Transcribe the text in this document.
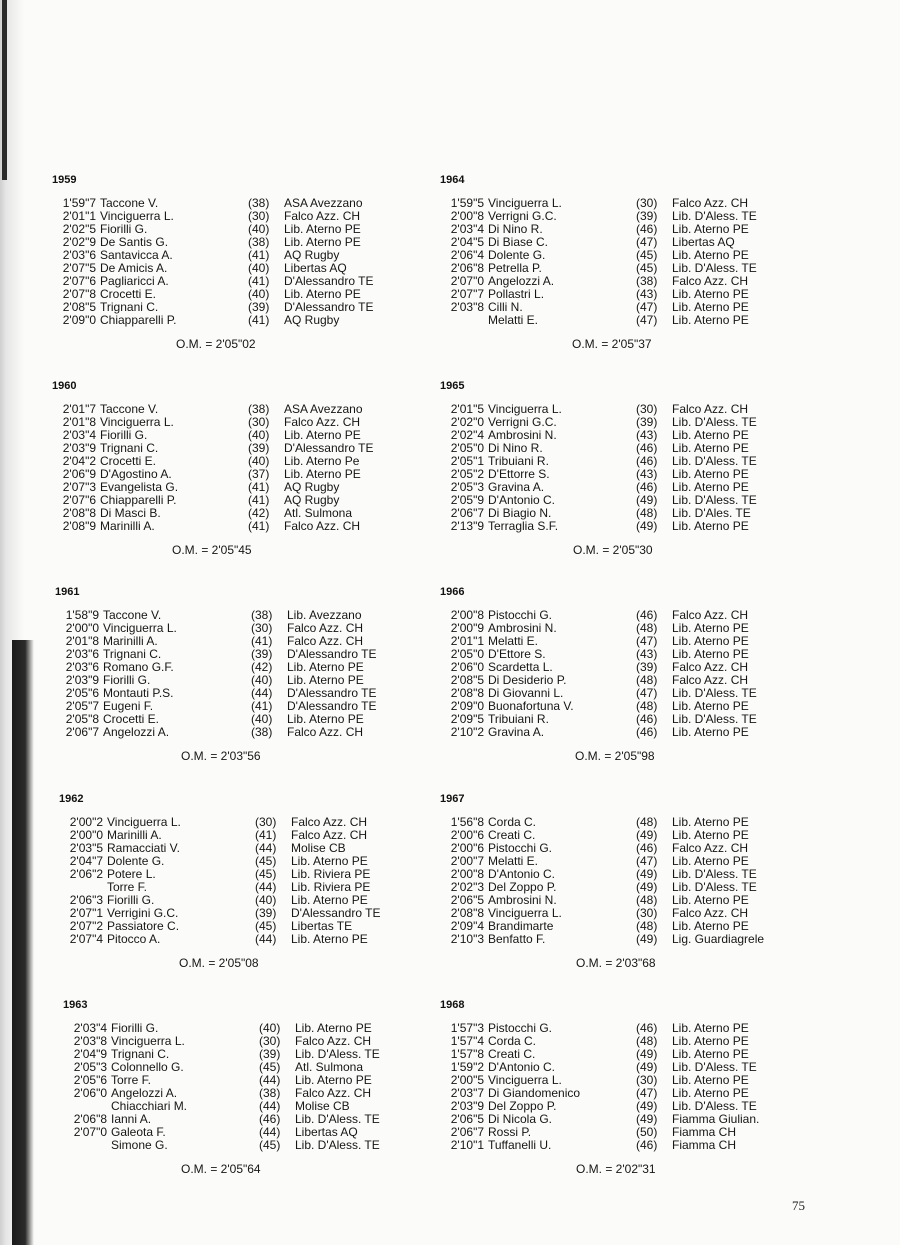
1959
1'59"7 Taccone V.	(38) ASA Avezzano
2'01"1 Vinciguerra L.	(30) Falco Azz. CH
2'02"5 Fiorilli G.	(40) Lib. Aterno PE
2'02"9 De Santis G.	(38) Lib. Aterno PE
2'03"6 Santavicca A.	(41) AQ Rugby
2'07"5 De Amicis A.	(40) Libertas AQ
2'07"6 Pagliaricci A.	(41) D'Alessandro TE
2'07"8 Crocetti E.	(40) Lib. Aterno PE
2'08"5 Trignani C.	(39) D'Alessandro TE
2'09"0 Chiapparelli P.	(41) AQ Rugby
O.M. = 2'05"02
1964
1'59"5 Vinciguerra L.	(30) Falco Azz. CH
2'00"8 Verrigni G.C.	(39) Lib. D'Aless. TE
2'03"4 Di Nino R.	(46) Lib. Aterno PE
2'04"5 Di Biase C.	(47) Libertas AQ
2'06"4 Dolente G.	(45) Lib. Aterno PE
2'06"8 Petrella P.	(45) Lib. D'Aless. TE
2'07"0 Angelozzi A.	(38) Falco Azz. CH
2'07"7 Pollastri L.	(43) Lib. Aterno PE
2'03"8 Cilli N.	(47) Lib. Aterno PE
Melatti E.	(47) Lib. Aterno PE
O.M. = 2'05"37
1960
2'01"7 Taccone V.	(38) ASA Avezzano
2'01"8 Vinciguerra L.	(30) Falco Azz. CH
2'03"4 Fiorilli G.	(40) Lib. Aterno PE
2'03"9 Trignani C.	(39) D'Alessandro TE
2'04"2 Crocetti E.	(40) Lib. Aterno Pe
2'06"9 D'Agostino A.	(37) Lib. Aterno PE
2'07"3 Evangelista G.	(41) AQ Rugby
2'07"6 Chiapparelli P.	(41) AQ Rugby
2'08"8 Di Masci B.	(42) Atl. Sulmona
2'08"9 Marinilli A.	(41) Falco Azz. CH
O.M. = 2'05"45
1965
2'01"5 Vinciguerra L.	(30) Falco Azz. CH
2'02"0 Verrigni G.C.	(39) Lib. D'Aless. TE
2'02"4 Ambrosini N.	(43) Lib. Aterno PE
2'05"0 Di Nino R.	(46) Lib. Aterno PE
2'05"1 Tribuiani R.	(46) Lib. D'Aless. TE
2'05"2 D'Ettorre S.	(43) Lib. Aterno PE
2'05"3 Gravina A.	(46) Lib. Aterno PE
2'05"9 D'Antonio C.	(49) Lib. D'Aless. TE
2'06"7 Di Biagio N.	(48) Lib. D'Ales. TE
2'13"9 Terraglia S.F.	(49) Lib. Aterno PE
O.M. = 2'05"30
1961
1'58"9 Taccone V.	(38) Lib. Avezzano
2'00"0 Vinciguerra L.	(30) Falco Azz. CH
2'01"8 Marinilli A.	(41) Falco Azz. CH
2'03"6 Trignani C.	(39) D'Alessandro TE
2'03"6 Romano G.F.	(42) Lib. Aterno PE
2'03"9 Fiorilli G.	(40) Lib. Aterno PE
2'05"6 Montauti P.S.	(44) D'Alessandro TE
2'05"7 Eugeni F.	(41) D'Alessandro TE
2'05"8 Crocetti E.	(40) Lib. Aterno PE
2'06"7 Angelozzi A.	(38) Falco Azz. CH
O.M. = 2'03"56
1966
2'00"8 Pistocchi G.	(46) Falco Azz. CH
2'00"9 Ambrosini N.	(48) Lib. Aterno PE
2'01"1 Melatti E.	(47) Lib. Aterno PE
2'05"0 D'Ettore S.	(43) Lib. Aterno PE
2'06"0 Scardetta L.	(39) Falco Azz. CH
2'08"5 Di Desiderio P.	(48) Falco Azz. CH
2'08"8 Di Giovanni L.	(47) Lib. D'Aless. TE
2'09"0 Buonafortuna V.	(48) Lib. Aterno PE
2'09"5 Tribuiani R.	(46) Lib. D'Aless. TE
2'10"2 Gravina A.	(46) Lib. Aterno PE
O.M. = 2'05"98
1962
2'00"2 Vinciguerra L.	(30) Falco Azz. CH
2'00"0 Marinilli A.	(41) Falco Azz. CH
2'03"5 Ramacciati V.	(44) Molise CB
2'04"7 Dolente G.	(45) Lib. Aterno PE
2'06"2 Potere L.	(45) Lib. Riviera PE
Torre F.	(44) Lib. Riviera PE
2'06"3 Fiorilli G.	(40) Lib. Aterno PE
2'07"1 Verrigini G.C.	(39) D'Alessandro TE
2'07"2 Passiatore C.	(45) Libertas TE
2'07"4 Pitocco A.	(44) Lib. Aterno PE
O.M. = 2'05"08
1967
1'56"8 Corda C.	(48) Lib. Aterno PE
2'00"6 Creati C.	(49) Lib. Aterno PE
2'00"6 Pistocchi G.	(46) Falco Azz. CH
2'00"7 Melatti E.	(47) Lib. Aterno PE
2'00"8 D'Antonio C.	(49) Lib. D'Aless. TE
2'02"3 Del Zoppo P.	(49) Lib. D'Aless. TE
2'06"5 Ambrosini N.	(48) Lib. Aterno PE
2'08"8 Vinciguerra L.	(30) Falco Azz. CH
2'09"4 Brandimarte	(48) Lib. Aterno PE
2'10"3 Benfatto F.	(49) Lig. Guardiagrele
O.M. = 2'03"68
1963
2'03"4 Fiorilli G.	(40) Lib. Aterno PE
2'03"8 Vinciguerra L.	(30) Falco Azz. CH
2'04"9 Trignani C.	(39) Lib. D'Aless. TE
2'05"3 Colonnello G.	(45) Atl. Sulmona
2'05"6 Torre F.	(44) Lib. Aterno PE
2'06"0 Angelozzi A.	(38) Falco Azz. CH
Chiacchiari M.	(44) Molise CB
2'06"8 Ianni A.	(46) Lib. D'Aless. TE
2'07"0 Galeota F.	(44) Libertas AQ
Simone G.	(45) Lib. D'Aless. TE
O.M. = 2'05"64
1968
1'57"3 Pistocchi G.	(46) Lib. Aterno PE
1'57"4 Corda C.	(48) Lib. Aterno PE
1'57"8 Creati C.	(49) Lib. Aterno PE
1'59"2 D'Antonio C.	(49) Lib. D'Aless. TE
2'00"5 Vinciguerra L.	(30) Lib. Aterno PE
2'03"7 Di Giandomenico	(47) Lib. Aterno PE
2'03"9 Del Zoppo P.	(49) Lib. D'Aless. TE
2'06"5 Di Nicola G.	(49) Fiamma Giulian.
2'06"7 Rossi P.	(50) Fiamma CH
2'10"1 Tuffanelli U.	(46) Fiamma CH
O.M. = 2'02"31
75
